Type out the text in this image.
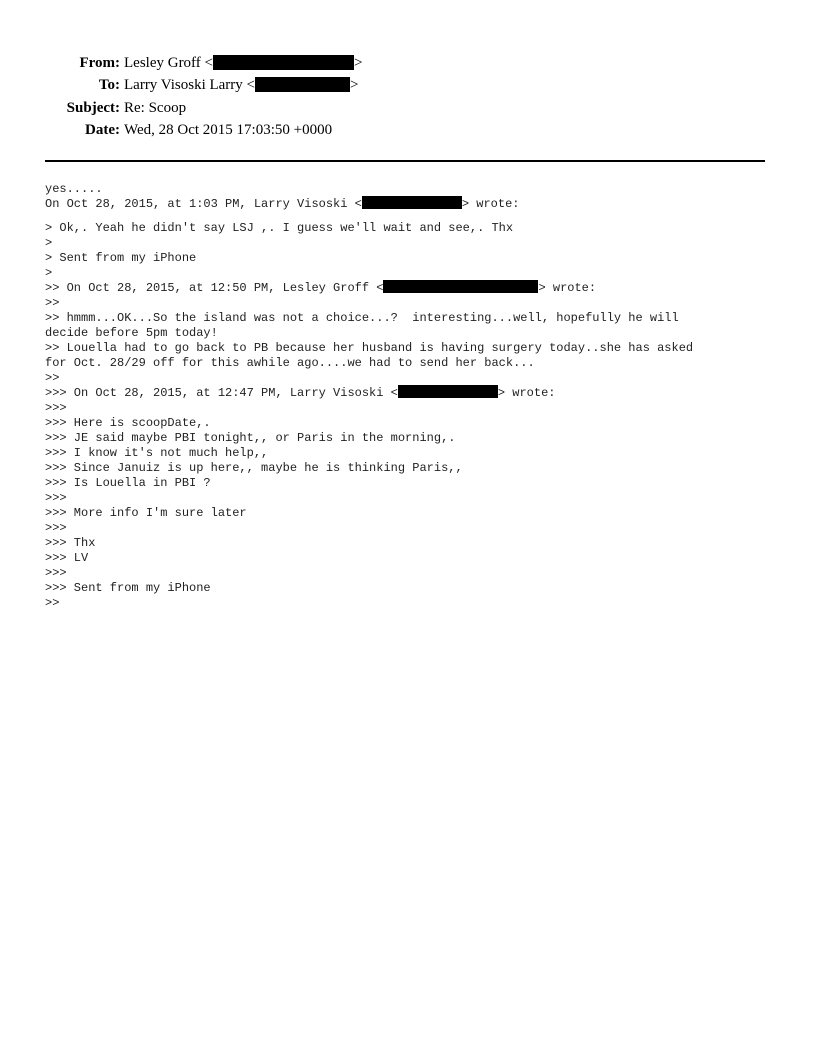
From: Lesley Groff <	>
To: Larry Visoski Larry <	>
Subject: Re: Scoop
Date: Wed, 28 Oct 2015 17:03:50 +0000
yes.....
On Oct 28, 2015, at 1:03 PM, Larry Visoski <	> wrote:
> Ok,. Yeah he didn't say LSJ ,. I guess we'll wait and see,. Thx
>
> Sent from my iPhone
>
>> On Oct 28, 2015, at 12:50 PM, Lesley Groff <	> wrote:
>>
>> hmmm...OK...So the island was not a choice...?  interesting...well, hopefully he will
decide before 5pm today!
>> Louella had to go back to PB because her husband is having surgery today..she has asked
for Oct. 28/29 off for this awhile ago....we had to send her back...
>>
>>> On Oct 28, 2015, at 12:47 PM, Larry Visoski <	> wrote:
>>>
>>> Here is scoopDate,.
>>> JE said maybe PBI tonight,, or Paris in the morning,.
>>> I know it's not much help,,
>>> Since Januiz is up here,, maybe he is thinking Paris,,
>>> Is Louella in PBI ?
>>>
>>> More info I'm sure later
>>>
>>> Thx
>>> LV
>>>
>>> Sent from my iPhone
>>
